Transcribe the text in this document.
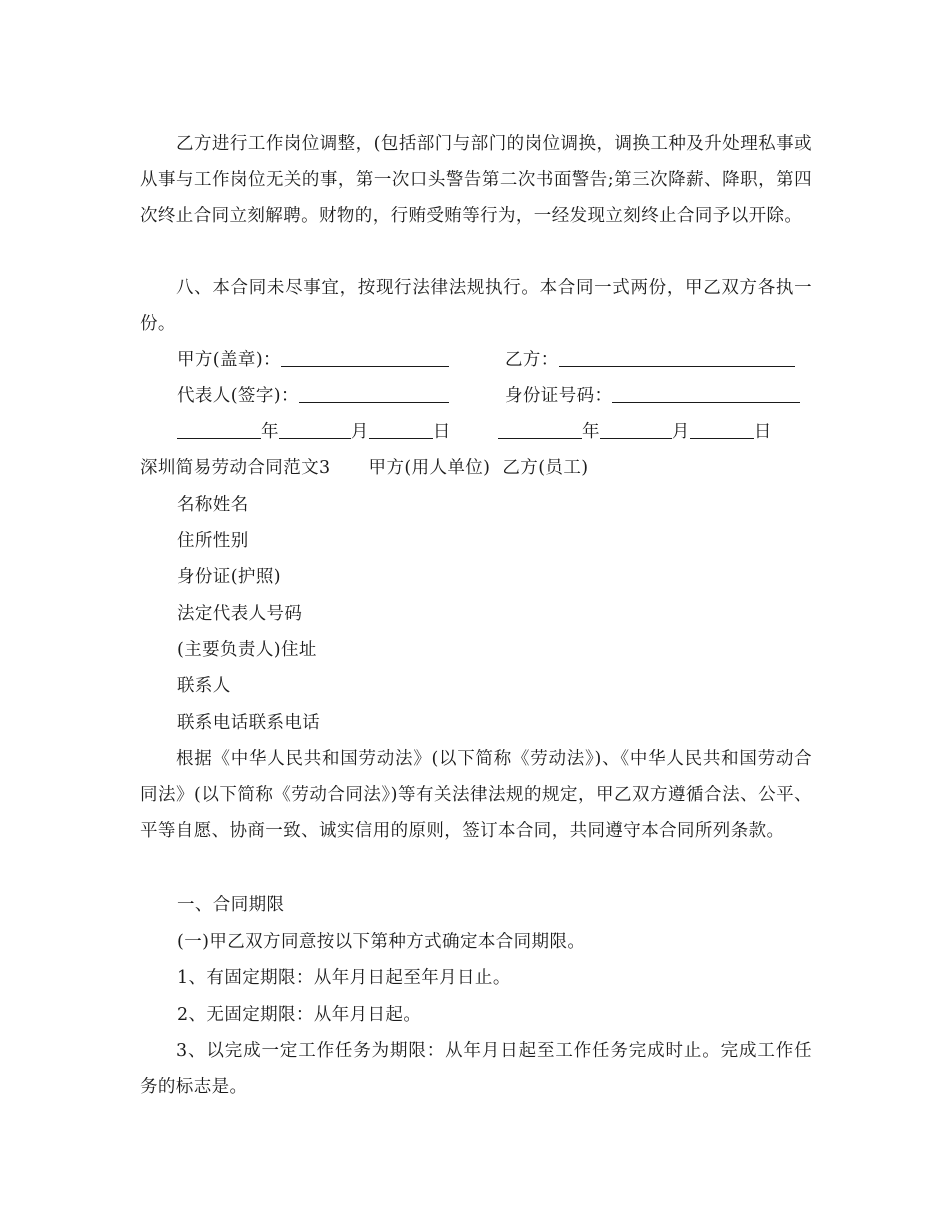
乙方进行工作岗位调整，(包括部门与部门的岗位调换，调换工种及升处理私事或从事与工作岗位无关的事，第一次口头警告第二次书面警告;第三次降薪、降职，第四次终止合同立刻解聘。财物的，行贿受贿等行为，一经发现立刻终止合同予以开除。

八、本合同未尽事宜，按现行法律法规执行。本合同一式两份，甲乙双方各执一份。

甲方(盖章)：	乙方：
代表人(签字)：	身份证号码：
年	月	日	年	月	日
深圳简易劳动合同范文3 甲方(用人单位) 乙方(员工)
名称姓名
住所性别
身份证(护照)
法定代表人号码
(主要负责人)住址
联系人
联系电话联系电话

根据《中华人民共和国劳动法》(以下简称《劳动法》)、《中华人民共和国劳动合同法》(以下简称《劳动合同法》)等有关法律法规的规定，甲乙双方遵循合法、公平、平等自愿、协商一致、诚实信用的原则，签订本合同，共同遵守本合同所列条款。

一、合同期限
(一)甲乙双方同意按以下第种方式确定本合同期限。
1、有固定期限：从年月日起至年月日止。
2、无固定期限：从年月日起。

3、以完成一定工作任务为期限：从年月日起至工作任务完成时止。完成工作任务的标志是。
